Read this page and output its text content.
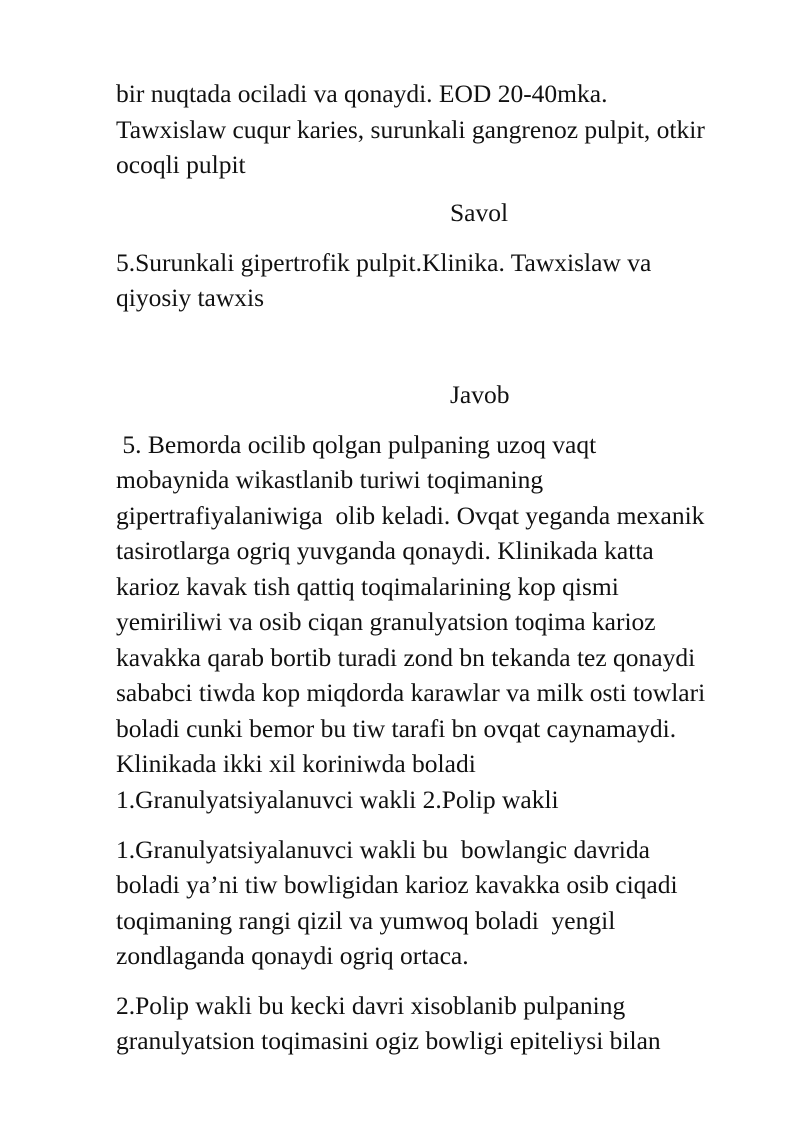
bir nuqtada ociladi va qonaydi. EOD 20-40mka.
Tawxislaw cuqur karies, surunkali gangrenoz pulpit, otkir
ocoqli pulpit
Savol
5.Surunkali gipertrofik pulpit.Klinika. Tawxislaw va
qiyosiy tawxis
Javob
5. Bemorda ocilib qolgan pulpaning uzoq vaqt
mobaynida wikastlanib turiwi toqimaning
gipertrafiyalaniwiga  olib keladi. Ovqat yeganda mexanik
tasirotlarga ogriq yuvganda qonaydi. Klinikada katta
karioz kavak tish qattiq toqimalarining kop qismi
yemiriliwi va osib ciqan granulyatsion toqima karioz
kavakka qarab bortib turadi zond bn tekanda tez qonaydi
sababci tiwda kop miqdorda karawlar va milk osti towlari
boladi cunki bemor bu tiw tarafi bn ovqat caynamaydi.
Klinikada ikki xil koriniwda boladi
1.Granulyatsiyalanuvci wakli 2.Polip wakli
1.Granulyatsiyalanuvci wakli bu  bowlangic davrida
boladi ya’ni tiw bowligidan karioz kavakka osib ciqadi
toqimaning rangi qizil va yumwoq boladi  yengil
zondlaganda qonaydi ogriq ortaca.
2.Polip wakli bu kecki davri xisoblanib pulpaning
granulyatsion toqimasini ogiz bowligi epiteliysi bilan
